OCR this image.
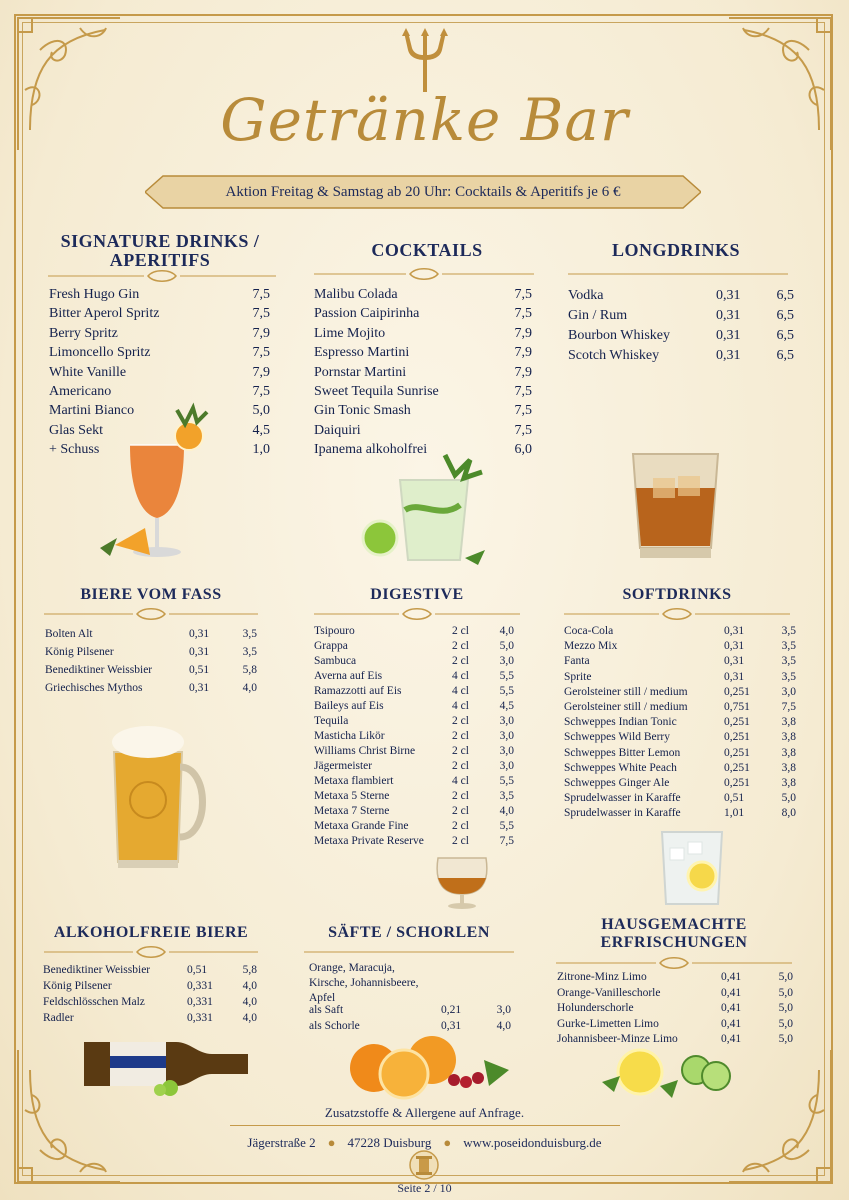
Getränke Bar
Aktion Freitag & Samstag ab 20 Uhr: Cocktails & Aperitifs je 6 €
SIGNATURE DRINKS /
APERITIFS
Fresh Hugo Gin	7,5
Bitter Aperol Spritz	7,5
Berry Spritz	7,9
Limoncello Spritz	7,5
White Vanille	7,9
Americano	7,5
Martini Bianco	5,0
Glas Sekt	4,5
+ Schuss	1,0
COCKTAILS
Malibu Colada	7,5
Passion Caipirinha	7,5
Lime Mojito	7,9
Espresso Martini	7,9
Pornstar Martini	7,9
Sweet Tequila Sunrise	7,5
Gin Tonic Smash	7,5
Daiquiri	7,5
Ipanema alkoholfrei	6,0
LONGDRINKS
Vodka	0,31	6,5
Gin / Rum	0,31	6,5
Bourbon Whiskey	0,31	6,5
Scotch Whiskey	0,31	6,5
BIERE VOM FASS
Bolten Alt	0,31	3,5
König Pilsener	0,31	3,5
Benediktiner Weissbier	0,51	5,8
Griechisches Mythos	0,31	4,0
DIGESTIVE
Tsipouro	2 cl	4,0
Grappa	2 cl	5,0
Sambuca	2 cl	3,0
Averna auf Eis	4 cl	5,5
Ramazzotti auf Eis	4 cl	5,5
Baileys auf Eis	4 cl	4,5
Tequila	2 cl	3,0
Masticha Likör	2 cl	3,0
Williams Christ Birne	2 cl	3,0
Jägermeister	2 cl	3,0
Metaxa flambiert	4 cl	5,5
Metaxa 5 Sterne	2 cl	3,5
Metaxa 7 Sterne	2 cl	4,0
Metaxa Grande Fine	2 cl	5,5
Metaxa Private Reserve	2 cl	7,5
SOFTDRINKS
Coca-Cola	0,31	3,5
Mezzo Mix	0,31	3,5
Fanta	0,31	3,5
Sprite	0,31	3,5
Gerolsteiner still / medium	0,251	3,0
Gerolsteiner still / medium	0,751	7,5
Schweppes Indian Tonic	0,251	3,8
Schweppes Wild Berry	0,251	3,8
Schweppes Bitter Lemon	0,251	3,8
Schweppes White Peach	0,251	3,8
Schweppes Ginger Ale	0,251	3,8
Sprudelwasser in Karaffe	0,51	5,0
Sprudelwasser in Karaffe	1,01	8,0
ALKOHOLFREIE BIERE
Benediktiner Weissbier	0,51	5,8
König Pilsener	0,331	4,0
Feldschlösschen Malz	0,331	4,0
Radler	0,331	4,0
SÄFTE / SCHORLEN
Orange, Maracuja,
Kirsche, Johannisbeere,
Apfel
als Saft	0,21	3,0
als Schorle	0,31	4,0
HAUSGEMACHTE
ERFRISCHUNGEN
Zitrone-Minz Limo	0,41	5,0
Orange-Vanilleschorle	0,41	5,0
Holunderschorle	0,41	5,0
Gurke-Limetten Limo	0,41	5,0
Johannisbeer-Minze Limo	0,41	5,0
Zusatzstoffe & Allergene auf Anfrage.
Jägerstraße 2 ● 47228 Duisburg ● www.poseidonduisburg.de
Seite 2 / 10
